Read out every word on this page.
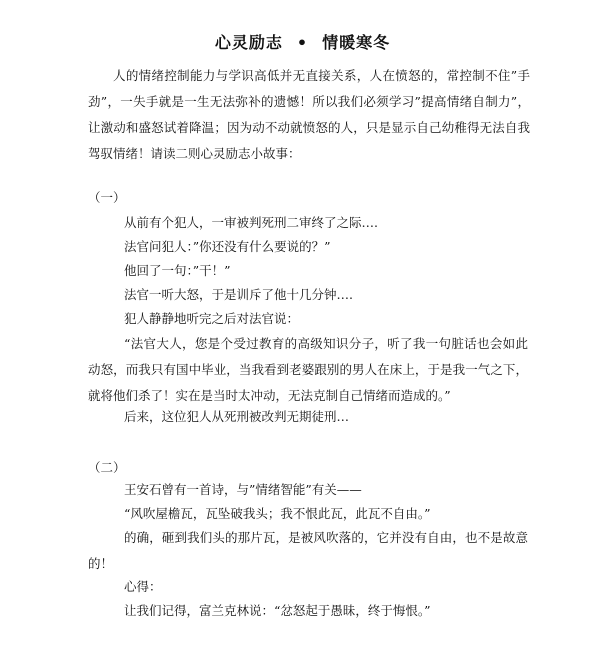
心灵励志 • 情暖寒冬
人的情绪控制能力与学识高低并无直接关系，人在愤怒的，常控制不住”手劲”，一失手就是一生无法弥补的遗憾！所以我们必须学习”提高情绪自制力”，让激动和盛怒试着降温；因为动不动就愤怒的人，只是显示自己幼稚得无法自我驾驭情绪！请读二则心灵励志小故事：
（一）
从前有个犯人，一审被判死刑二审终了之际….
法官问犯人：”你还没有什么要说的？”
他回了一句：”干！”
法官一听大怒，于是训斥了他十几分钟….
犯人静静地听完之后对法官说：
“法官大人，您是个受过教育的高级知识分子，听了我一句脏话也会如此动怒，而我只有国中毕业，当我看到老婆跟别的男人在床上，于是我一气之下，就将他们杀了！实在是当时太冲动，无法克制自己情绪而造成的。”
后来，这位犯人从死刑被改判无期徒刑…
（二）
王安石曾有一首诗，与”情绪智能”有关——
“风吹屋檐瓦，瓦坠破我头；我不恨此瓦，此瓦不自由。”
的确，砸到我们头的那片瓦，是被风吹落的，它并没有自由，也不是故意的！
心得：
让我们记得，富兰克林说：“忿怒起于愚昧，终于悔恨。”
